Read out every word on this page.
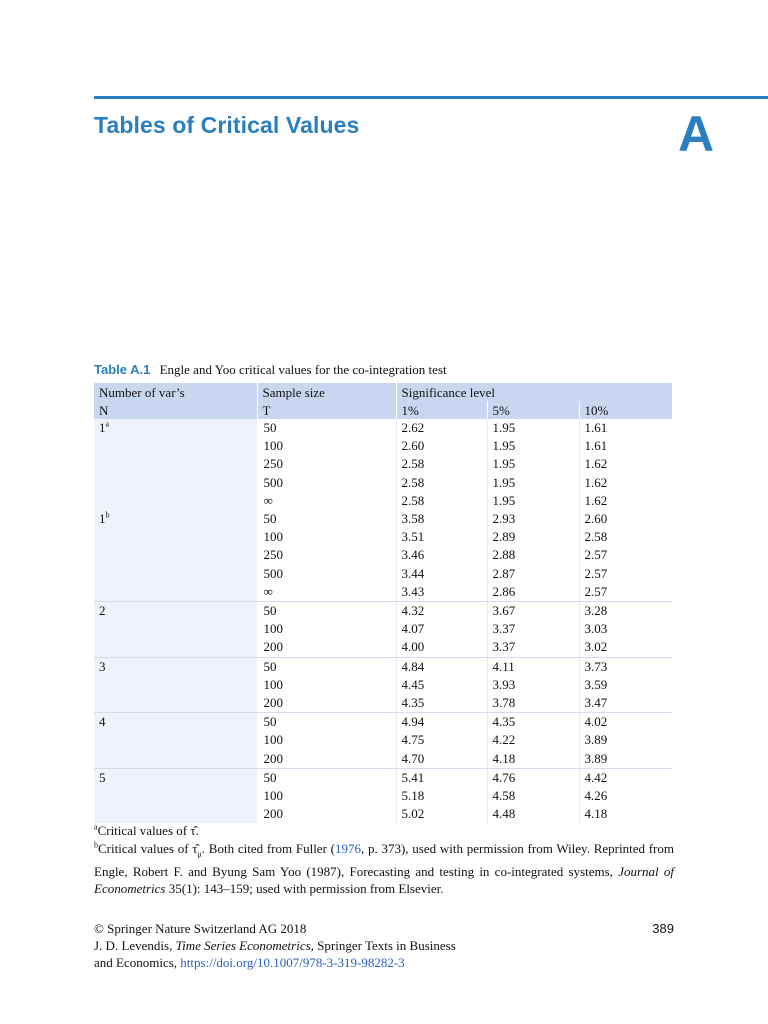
Tables of Critical Values	A
Table A.1 Engle and Yoo critical values for the co-integration test
Number of var’s	Sample size	Significance level		
N	T	1%	5%	10%
1$^a$	50	2.62	1.95	1.61
	100	2.60	1.95	1.61
	250	2.58	1.95	1.62
	500	2.58	1.95	1.62
	∞	2.58	1.95	1.62
1$^b$	50	3.58	2.93	2.60
	100	3.51	2.89	2.58
	250	3.46	2.88	2.57
	500	3.44	2.87	2.57
	∞	3.43	2.86	2.57
2	50	4.32	3.67	3.28
	100	4.07	3.37	3.03
	200	4.00	3.37	3.02
3	50	4.84	4.11	3.73
	100	4.45	3.93	3.59
	200	4.35	3.78	3.47
4	50	4.94	4.35	4.02
	100	4.75	4.22	3.89
	200	4.70	4.18	3.89
5	50	5.41	4.76	4.42
	100	5.18	4.58	4.26
	200	5.02	4.48	4.18

$^a$Critical values of τ̂.

$^b$Critical values of $\taû_\mu$. Both cited from Fuller (1976, p. 373), used with permission from Wiley. Reprinted from Engle, Robert F. and Byung Sam Yoo (1987), Forecasting and testing in co-integrated systems, Journal of Econometrics 35(1): 143–159; used with permission from Elsevier.

© Springer Nature Switzerland AG 2018
J. D. Levendis, Time Series Econometrics, Springer Texts in Business
and Economics, https://doi.org/10.1007/978-3-319-98282-3
389
